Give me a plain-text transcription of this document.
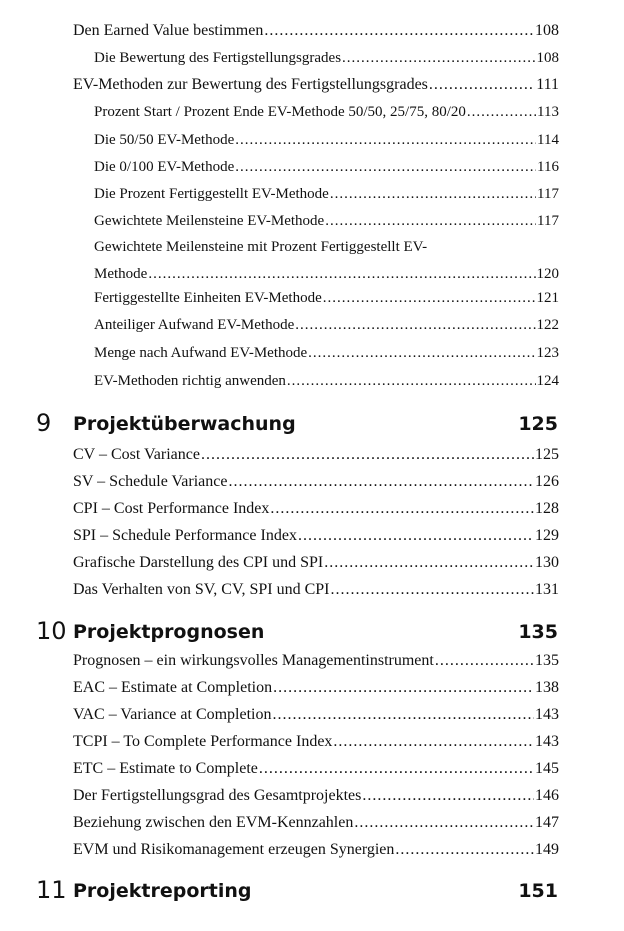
Den Earned Value bestimmen .....	108
Die Bewertung des Fertigstellungsgrades .....	108
EV-Methoden zur Bewertung des Fertigstellungsgrades .....	111
Prozent Start / Prozent Ende EV-Methode 50/50, 25/75, 80/20 .....	113
Die 50/50 EV-Methode .....	114
Die 0/100 EV-Methode .....	116
Die Prozent Fertiggestellt EV-Methode .....	117
Gewichtete Meilensteine EV-Methode .....	117
Gewichtete Meilensteine mit Prozent Fertiggestellt EV-
Methode .....	120
Fertiggestellte Einheiten EV-Methode .....	121
Anteiliger Aufwand EV-Methode .....	122
Menge nach Aufwand EV-Methode .....	123
EV-Methoden richtig anwenden .....	124
9 Projektüberwachung	125
CV – Cost Variance .....	125
SV – Schedule Variance .....	126
CPI – Cost Performance Index .....	128
SPI – Schedule Performance Index .....	129
Grafische Darstellung des CPI und SPI .....	130
Das Verhalten von SV, CV, SPI und CPI .....	131
10 Projektprognosen	135
Prognosen – ein wirkungsvolles Managementinstrument .....	135
EAC – Estimate at Completion .....	138
VAC – Variance at Completion .....	143
TCPI – To Complete Performance Index .....	143
ETC – Estimate to Complete .....	145
Der Fertigstellungsgrad des Gesamtprojektes .....	146
Beziehung zwischen den EVM-Kennzahlen .....	147
EVM und Risikomanagement erzeugen Synergien .....	149
11 Projektreporting	151
